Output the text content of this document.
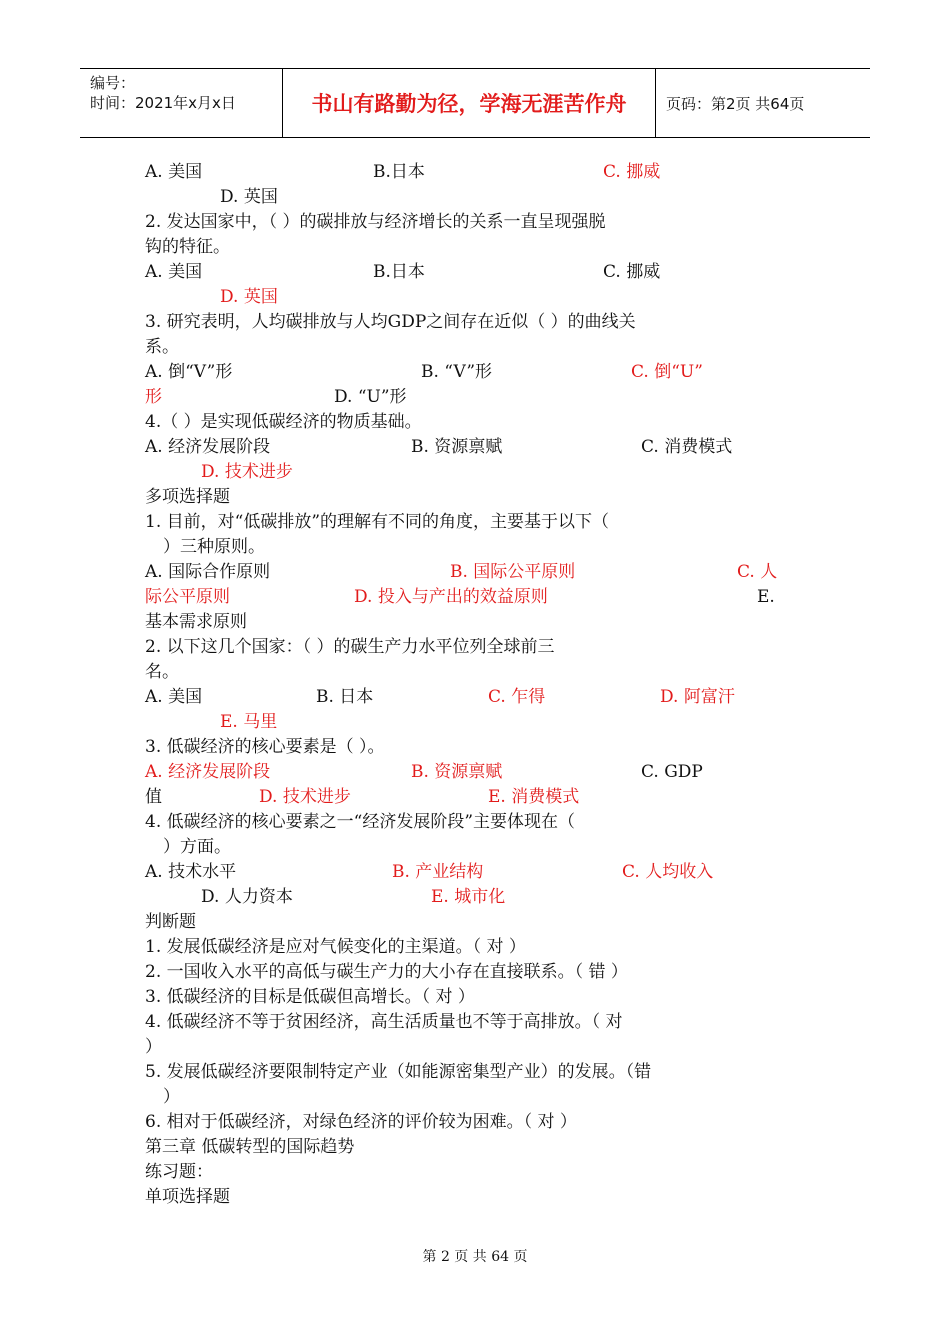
编号：
时间：2021年x月x日	书山有路勤为径，学海无涯苦作舟	页码：第2页 共64页
A. 美国	B.日本	C. 挪威
D. 英国
2. 发达国家中，（ ）的碳排放与经济增长的关系一直呈现强脱
钩的特征。
A. 美国	B.日本	C. 挪威
D. 英国
3. 研究表明，人均碳排放与人均GDP之间存在近似（ ）的曲线关
系。
A. 倒“V”形	B. “V”形	C. 倒“U”
形	D. “U”形
4.（ ）是实现低碳经济的物质基础。
A. 经济发展阶段	B. 资源禀赋	C. 消费模式
D. 技术进步
多项选择题
1. 目前，对“低碳排放”的理解有不同的角度，主要基于以下（
）三种原则。
A. 国际合作原则	B. 国际公平原则	C. 人
际公平原则	D. 投入与产出的效益原则	E.
基本需求原则
2. 以下这几个国家：（ ）的碳生产力水平位列全球前三
名。
A. 美国	B. 日本	C. 乍得	D. 阿富汗
E. 马里
3. 低碳经济的核心要素是（ ）。
A. 经济发展阶段	B. 资源禀赋	C. GDP
值	D. 技术进步	E. 消费模式
4. 低碳经济的核心要素之一“经济发展阶段”主要体现在（
）方面。
A. 技术水平	B. 产业结构	C. 人均收入
D. 人力资本	E. 城市化
判断题
1. 发展低碳经济是应对气候变化的主渠道。（ 对 ）
2. 一国收入水平的高低与碳生产力的大小存在直接联系。（ 错 ）
3. 低碳经济的目标是低碳但高增长。（ 对 ）
4. 低碳经济不等于贫困经济，高生活质量也不等于高排放。（ 对
）
5. 发展低碳经济要限制特定产业（如能源密集型产业）的发展。（错
）
6. 相对于低碳经济，对绿色经济的评价较为困难。（ 对 ）
第三章 低碳转型的国际趋势
练习题：
单项选择题
第 2 页 共 64 页
